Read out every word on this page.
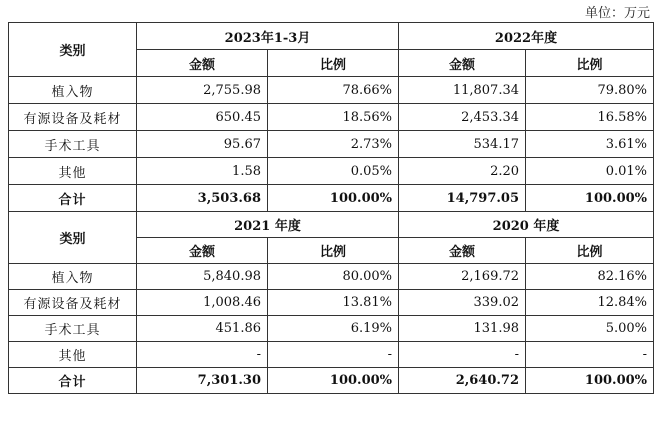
单位：万元
类别	2023年1-3月		2022年度	
	金额	比例	金额	比例
植入物	2,755.98	78.66%	11,807.34	79.80%
有源设备及耗材	650.45	18.56%	2,453.34	16.58%
手术工具	95.67	2.73%	534.17	3.61%
其他	1.58	0.05%	2.20	0.01%
合计	3,503.68	100.00%	14,797.05	100.00%
类别	2021 年度		2020 年度	
	金额	比例	金额	比例
植入物	5,840.98	80.00%	2,169.72	82.16%
有源设备及耗材	1,008.46	13.81%	339.02	12.84%
手术工具	451.86	6.19%	131.98	5.00%
其他	-	-	-	-
合计	7,301.30	100.00%	2,640.72	100.00%
